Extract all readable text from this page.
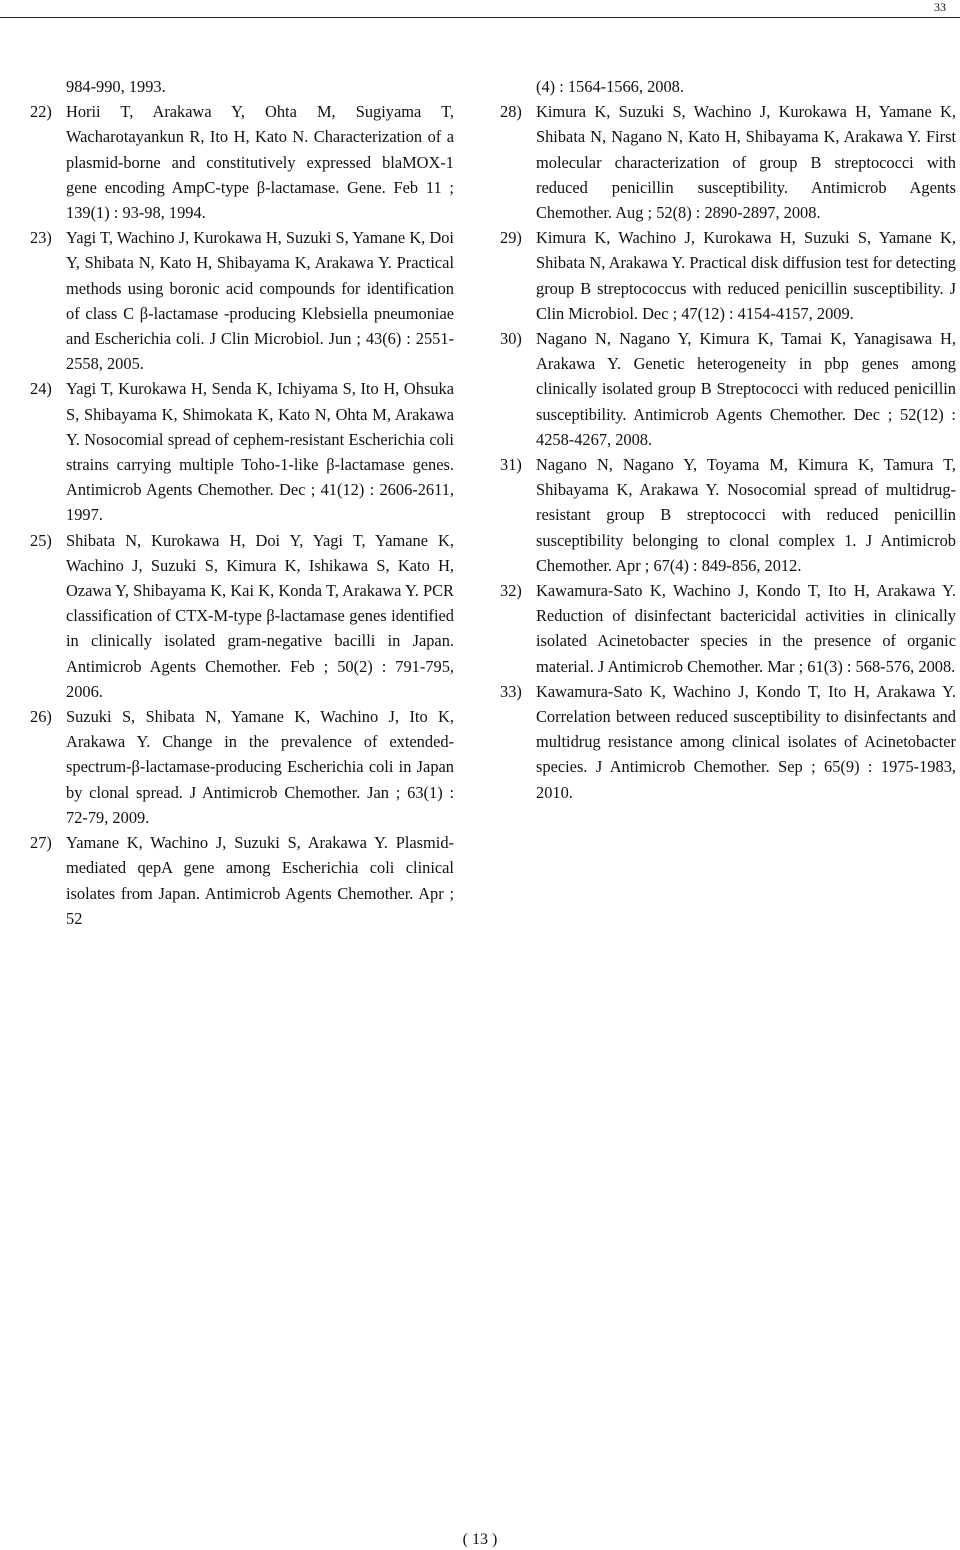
33

984-990, 1993.

22) Horii T, Arakawa Y, Ohta M, Sugiyama T, Wacharotayankun R, Ito H, Kato N. Characterization of a plasmid-borne and constitutively expressed blaMOX-1 gene encoding AmpC-type β-lactamase. Gene. Feb 11 ; 139(1) : 93-98, 1994.

23) Yagi T, Wachino J, Kurokawa H, Suzuki S, Yamane K, Doi Y, Shibata N, Kato H, Shibayama K, Arakawa Y. Practical methods using boronic acid compounds for identification of class C β-lactamase -producing Klebsiella pneumoniae and Escherichia coli. J Clin Microbiol. Jun ; 43(6) : 2551-2558, 2005.

24) Yagi T, Kurokawa H, Senda K, Ichiyama S, Ito H, Ohsuka S, Shibayama K, Shimokata K, Kato N, Ohta M, Arakawa Y. Nosocomial spread of cephem-resistant Escherichia coli strains carrying multiple Toho-1-like β-lactamase genes. Antimicrob Agents Chemother. Dec ; 41(12) : 2606-2611, 1997.

25) Shibata N, Kurokawa H, Doi Y, Yagi T, Yamane K, Wachino J, Suzuki S, Kimura K, Ishikawa S, Kato H, Ozawa Y, Shibayama K, Kai K, Konda T, Arakawa Y. PCR classification of CTX-M-type β-lactamase genes identified in clinically isolated gram-negative bacilli in Japan. Antimicrob Agents Chemother. Feb ; 50(2) : 791-795, 2006.

26) Suzuki S, Shibata N, Yamane K, Wachino J, Ito K, Arakawa Y. Change in the prevalence of extended-spectrum-β-lactamase-producing Escherichia coli in Japan by clonal spread. J Antimicrob Chemother. Jan ; 63(1) : 72-79, 2009.

27) Yamane K, Wachino J, Suzuki S, Arakawa Y. Plasmid-mediated qepA gene among Escherichia coli clinical isolates from Japan. Antimicrob Agents Chemother. Apr ; 52

(4) : 1564-1566, 2008.

28) Kimura K, Suzuki S, Wachino J, Kurokawa H, Yamane K, Shibata N, Nagano N, Kato H, Shibayama K, Arakawa Y. First molecular characterization of group B streptococci with reduced penicillin susceptibility. Antimicrob Agents Chemother. Aug ; 52(8) : 2890-2897, 2008.

29) Kimura K, Wachino J, Kurokawa H, Suzuki S, Yamane K, Shibata N, Arakawa Y. Practical disk diffusion test for detecting group B streptococcus with reduced penicillin susceptibility. J Clin Microbiol. Dec ; 47(12) : 4154-4157, 2009.

30) Nagano N, Nagano Y, Kimura K, Tamai K, Yanagisawa H, Arakawa Y. Genetic heterogeneity in pbp genes among clinically isolated group B Streptococci with reduced penicillin susceptibility. Antimicrob Agents Chemother. Dec ; 52(12) : 4258-4267, 2008.

31) Nagano N, Nagano Y, Toyama M, Kimura K, Tamura T, Shibayama K, Arakawa Y. Nosocomial spread of multidrug-resistant group B streptococci with reduced penicillin susceptibility belonging to clonal complex 1. J Antimicrob Chemother. Apr ; 67(4) : 849-856, 2012.

32) Kawamura-Sato K, Wachino J, Kondo T, Ito H, Arakawa Y. Reduction of disinfectant bactericidal activities in clinically isolated Acinetobacter species in the presence of organic material. J Antimicrob Chemother. Mar ; 61(3) : 568-576, 2008.

33) Kawamura-Sato K, Wachino J, Kondo T, Ito H, Arakawa Y. Correlation between reduced susceptibility to disinfectants and multidrug resistance among clinical isolates of Acinetobacter species. J Antimicrob Chemother. Sep ; 65(9) : 1975-1983, 2010.

( 13 )
